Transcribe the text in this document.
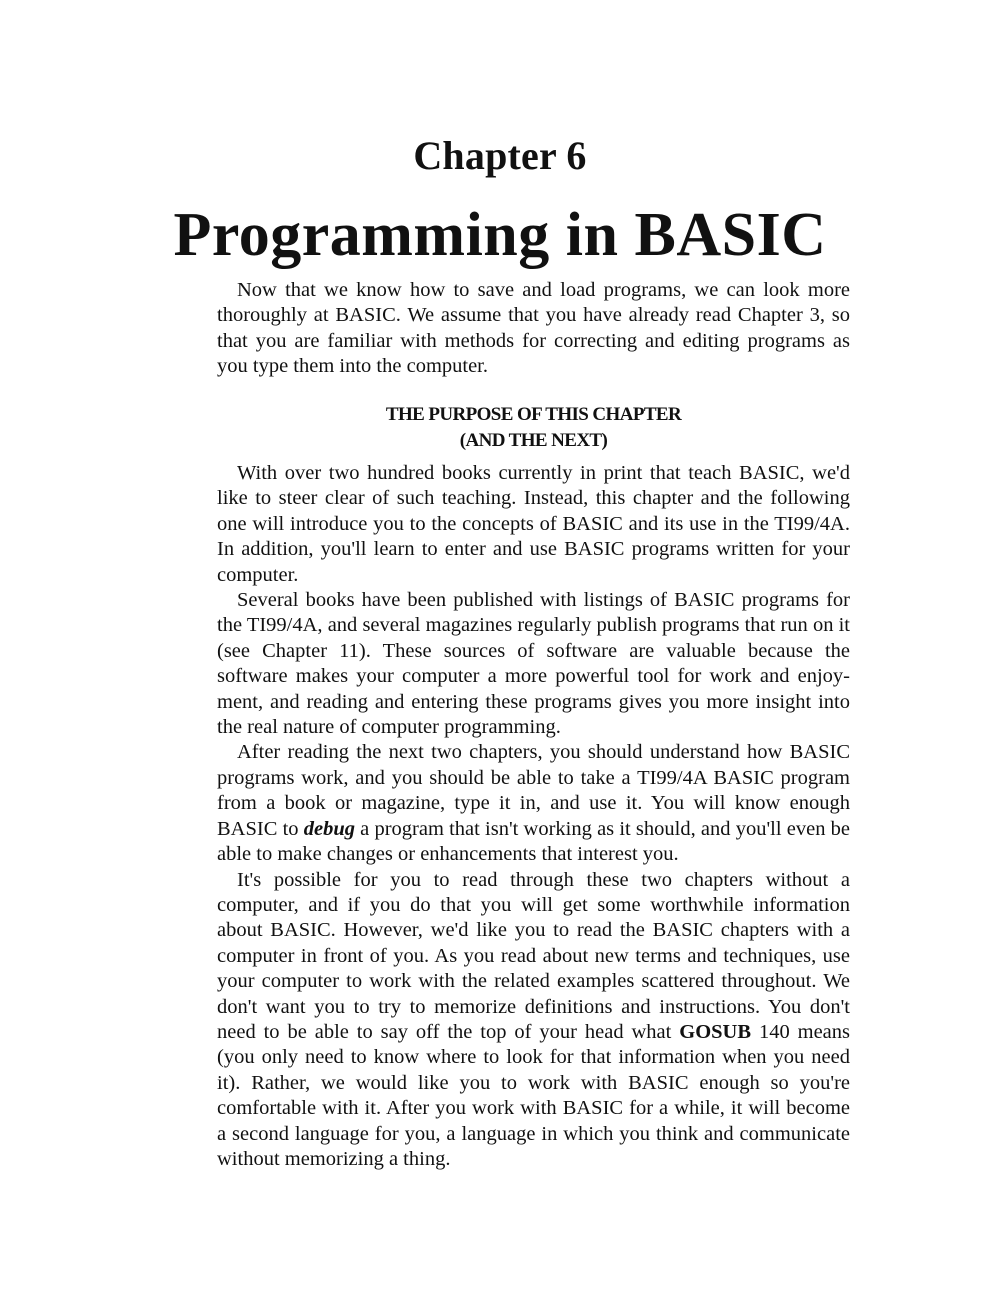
Chapter 6
Programming in BASIC

Now that we know how to save and load programs, we can look more thoroughly at BASIC. We assume that you have already read Chapter 3, so that you are familiar with methods for correcting and editing programs as you type them into the computer.

THE PURPOSE OF THIS CHAPTER
(AND THE NEXT)

With over two hundred books currently in print that teach BASIC, we'd like to steer clear of such teaching. Instead, this chapter and the following one will introduce you to the concepts of BASIC and its use in the TI99/4A. In addition, you'll learn to enter and use BASIC programs written for your computer.

Several books have been published with listings of BASIC programs for the TI99/4A, and several magazines regularly publish programs that run on it (see Chapter 11). These sources of software are valuable because the software makes your computer a more powerful tool for work and enjoyment, and reading and entering these programs gives you more insight into the real nature of computer programming.

After reading the next two chapters, you should understand how BASIC programs work, and you should be able to take a TI99/4A BASIC program from a book or magazine, type it in, and use it. You will know enough BASIC to debug a program that isn't working as it should, and you'll even be able to make changes or enhancements that interest you.

It's possible for you to read through these two chapters without a computer, and if you do that you will get some worthwhile information about BASIC. However, we'd like you to read the BASIC chapters with a computer in front of you. As you read about new terms and techniques, use your computer to work with the related examples scattered throughout. We don't want you to try to memorize definitions and instructions. You don't need to be able to say off the top of your head what GOSUB 140 means (you only need to know where to look for that information when you need it). Rather, we would like you to work with BASIC enough so you're comfortable with it. After you work with BASIC for a while, it will become a second language for you, a language in which you think and communicate without memorizing a thing.
